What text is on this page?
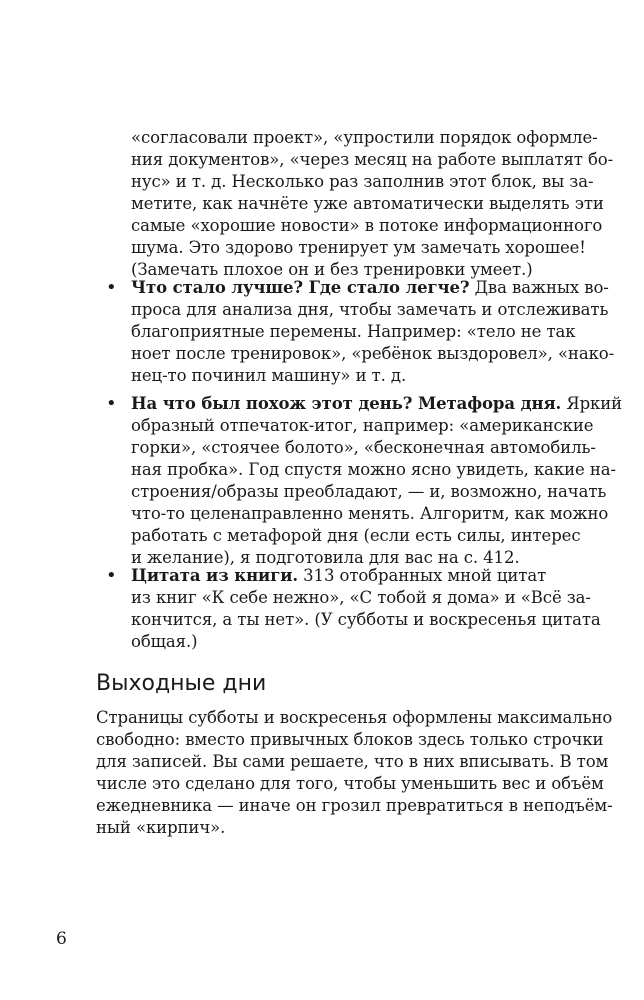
«согласовали проект», «упростили порядок оформле-
ния документов», «через месяц на работе выплатят бо-
нус» и т. д. Несколько раз заполнив этот блок, вы за-
метите, как начнёте уже автоматически выделять эти
самые «хорошие новости» в потоке информационного
шума. Это здорово тренирует ум замечать хорошее!
(Замечать плохое он и без тренировки умеет.)
• Что стало лучше? Где стало легче? Два важных во-
проса для анализа дня, чтобы замечать и отслеживать
благоприятные перемены. Например: «тело не так
ноет после тренировок», «ребёнок выздоровел», «нако-
нец-то починил машину» и т. д.
• На что был похож этот день? Метафора дня. Яркий
образный отпечаток-итог, например: «американские
горки», «стоячее болото», «бесконечная автомобиль-
ная пробка». Год спустя можно ясно увидеть, какие на-
строения/образы преобладают, — и, возможно, начать
что-то целенаправленно менять. Алгоритм, как можно
работать с метафорой дня (если есть силы, интерес
и желание), я подготовила для вас на с. 412.
• Цитата из книги. 313 отобранных мной цитат
из книг «К себе нежно», «С тобой я дома» и «Всё за-
кончится, а ты нет». (У субботы и воскресенья цитата
общая.)
Выходные дни
Страницы субботы и воскресенья оформлены максимально
свободно: вместо привычных блоков здесь только строчки
для записей. Вы сами решаете, что в них вписывать. В том
числе это сделано для того, чтобы уменьшить вес и объём
ежедневника — иначе он грозил превратиться в неподъём-
ный «кирпич».
6
